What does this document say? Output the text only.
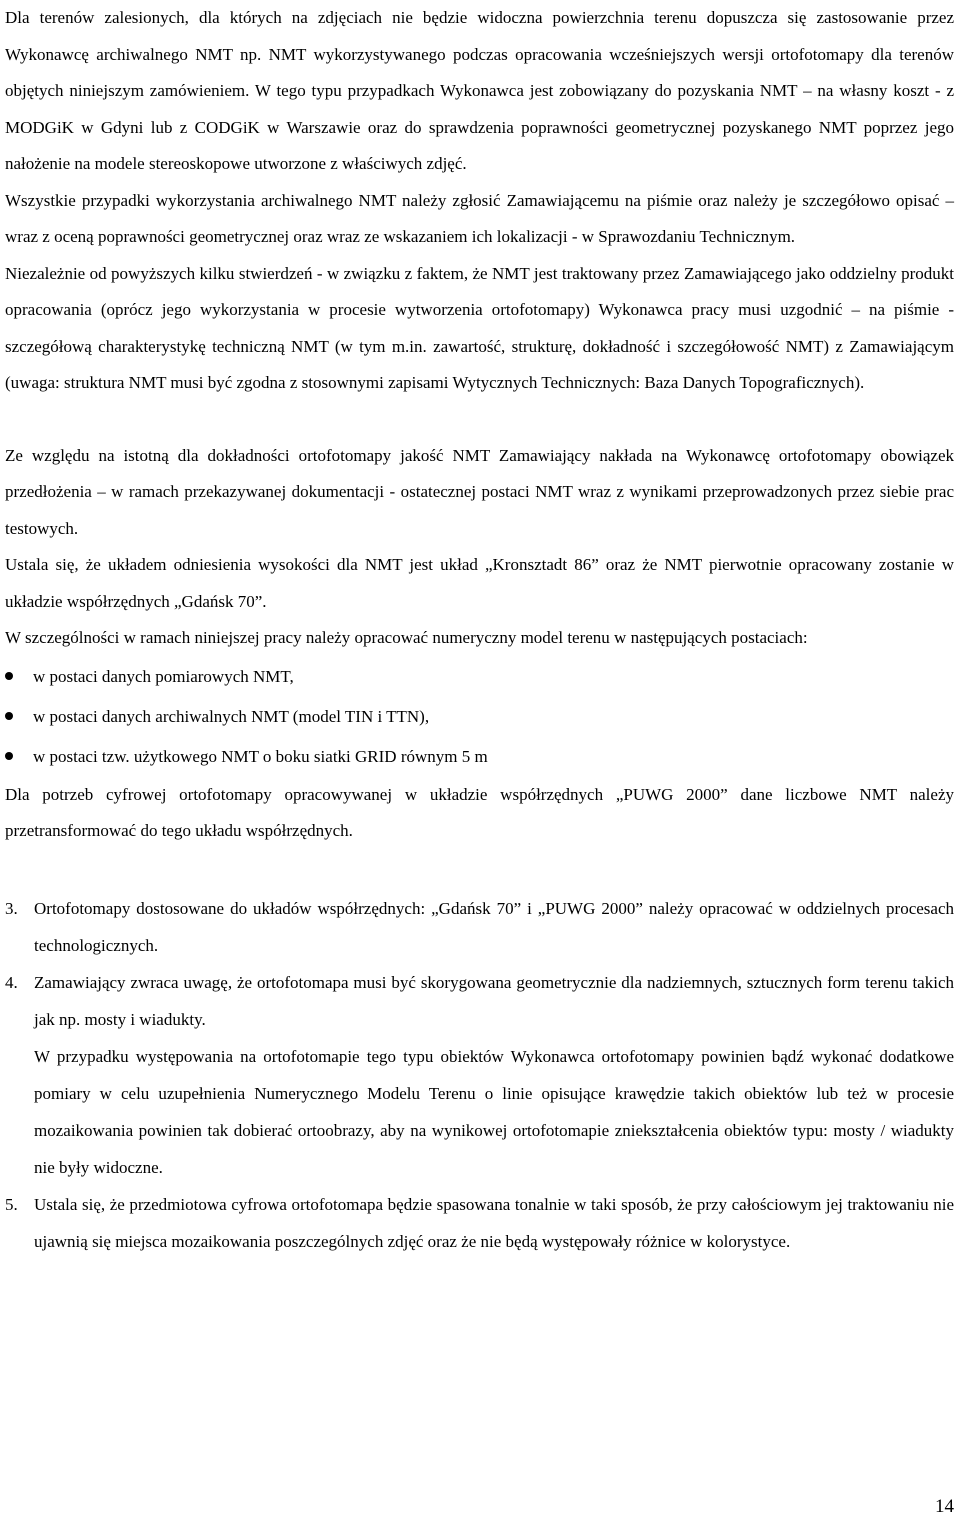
Dla terenów zalesionych, dla których na zdjęciach nie będzie widoczna powierzchnia terenu dopuszcza się zastosowanie przez Wykonawcę archiwalnego NMT np. NMT wykorzystywanego podczas opracowania wcześniejszych wersji ortofotomapy dla terenów objętych niniejszym zamówieniem. W tego typu przypadkach Wykonawca jest zobowiązany do pozyskania NMT – na własny koszt - z MODGiK w Gdyni lub z CODGiK w Warszawie oraz do sprawdzenia poprawności geometrycznej pozyskanego NMT poprzez jego nałożenie na modele stereoskopowe utworzone z właściwych zdjęć.

Wszystkie przypadki wykorzystania archiwalnego NMT należy zgłosić Zamawiającemu na piśmie oraz należy je szczegółowo opisać – wraz z oceną poprawności geometrycznej oraz wraz ze wskazaniem ich lokalizacji - w Sprawozdaniu Technicznym.

Niezależnie od powyższych kilku stwierdzeń - w związku z faktem, że NMT jest traktowany przez Zamawiającego jako oddzielny produkt opracowania (oprócz jego wykorzystania w procesie wytworzenia ortofotomapy) Wykonawca pracy musi uzgodnić – na piśmie - szczegółową charakterystykę techniczną NMT (w tym m.in. zawartość, strukturę, dokładność i szczegółowość NMT) z Zamawiającym (uwaga: struktura NMT musi być zgodna z stosownymi zapisami Wytycznych Technicznych: Baza Danych Topograficznych).

Ze względu na istotną dla dokładności ortofotomapy jakość NMT Zamawiający nakłada na Wykonawcę ortofotomapy obowiązek przedłożenia – w ramach przekazywanej dokumentacji - ostatecznej postaci NMT wraz z wynikami przeprowadzonych przez siebie prac testowych.

Ustala się, że układem odniesienia wysokości dla NMT jest układ „Kronsztadt 86” oraz że NMT pierwotnie opracowany zostanie w układzie współrzędnych „Gdańsk 70”.

W szczególności w ramach niniejszej pracy należy opracować numeryczny model terenu w następujących postaciach:

w postaci danych pomiarowych NMT,
w postaci danych archiwalnych NMT (model TIN i TTN),
w postaci tzw. użytkowego NMT o boku siatki GRID równym 5 m

Dla potrzeb cyfrowej ortofotomapy opracowywanej w układzie współrzędnych „PUWG 2000” dane liczbowe NMT należy przetransformować do tego układu współrzędnych.

3. Ortofotomapy dostosowane do układów współrzędnych: „Gdańsk 70” i „PUWG 2000” należy opracować w oddzielnych procesach technologicznych.
4. Zamawiający zwraca uwagę, że ortofotomapa musi być skorygowana geometrycznie dla nadziemnych, sztucznych form terenu takich jak np. mosty i wiadukty.

W przypadku występowania na ortofotomapie tego typu obiektów Wykonawca ortofotomapy powinien bądź wykonać dodatkowe pomiary w celu uzupełnienia Numerycznego Modelu Terenu o linie opisujące krawędzie takich obiektów lub też w procesie mozaikowania powinien tak dobierać ortoobrazy, aby na wynikowej ortofotomapie zniekształcenia obiektów typu: mosty / wiadukty nie były widoczne.

5. Ustala się, że przedmiotowa cyfrowa ortofotomapa będzie spasowana tonalnie w taki sposób, że przy całościowym jej traktowaniu nie ujawnią się miejsca mozaikowania poszczególnych zdjęć oraz że nie będą występowały różnice w kolorystyce.
14
